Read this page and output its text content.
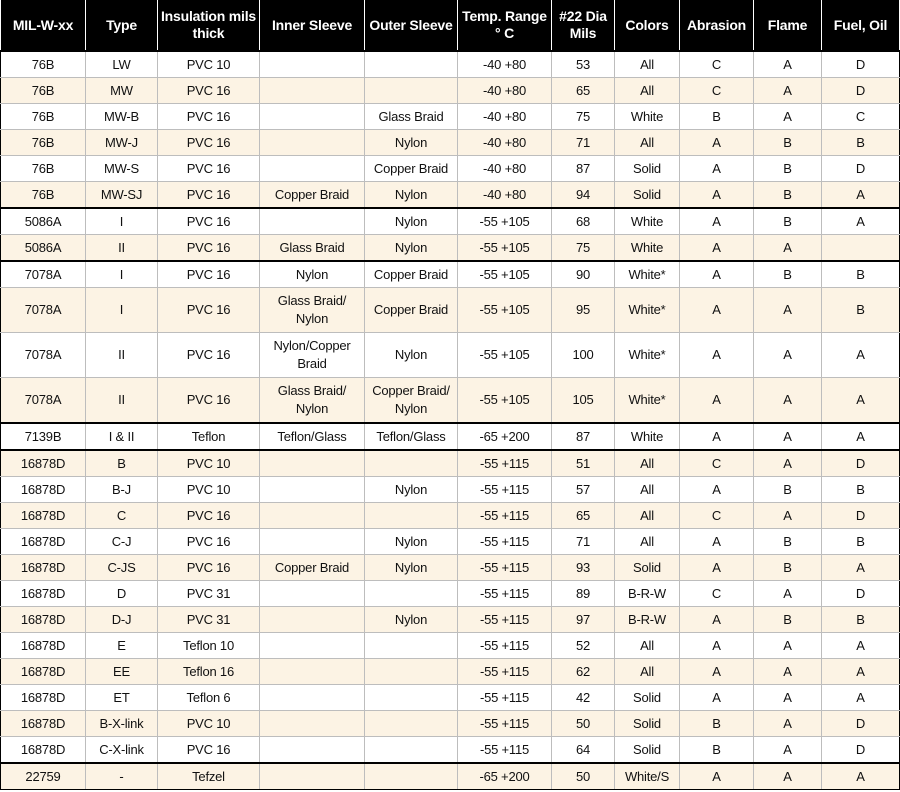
MIL-W-xx	Type	Insulation mils thick	Inner Sleeve	Outer Sleeve	Temp. Range ° C	#22 Dia Mils	Colors	Abrasion	Flame	Fuel, Oil
76B	LW	PVC 10			-40 +80	53	All	C	A	D
76B	MW	PVC 16			-40 +80	65	All	C	A	D
76B	MW-B	PVC 16		Glass Braid	-40 +80	75	White	B	A	C
76B	MW-J	PVC 16		Nylon	-40 +80	71	All	A	B	B
76B	MW-S	PVC 16		Copper Braid	-40 +80	87	Solid	A	B	D
76B	MW-SJ	PVC 16	Copper Braid	Nylon	-40 +80	94	Solid	A	B	A
5086A	I	PVC 16		Nylon	-55 +105	68	White	A	B	A
5086A	II	PVC 16	Glass Braid	Nylon	-55 +105	75	White	A	A	
7078A	I	PVC 16	Nylon	Copper Braid	-55 +105	90	White*	A	B	B
7078A	I	PVC 16	Glass Braid/ Nylon	Copper Braid	-55 +105	95	White*	A	A	B
7078A	II	PVC 16	Nylon/Copper Braid	Nylon	-55 +105	100	White*	A	A	A
7078A	II	PVC 16	Glass Braid/ Nylon	Copper Braid/ Nylon	-55 +105	105	White*	A	A	A
7139B	I & II	Teflon	Teflon/Glass	Teflon/Glass	-65 +200	87	White	A	A	A
16878D	B	PVC 10			-55 +115	51	All	C	A	D
16878D	B-J	PVC 10		Nylon	-55 +115	57	All	A	B	B
16878D	C	PVC 16			-55 +115	65	All	C	A	D
16878D	C-J	PVC 16		Nylon	-55 +115	71	All	A	B	B
16878D	C-JS	PVC 16	Copper Braid	Nylon	-55 +115	93	Solid	A	B	A
16878D	D	PVC 31			-55 +115	89	B-R-W	C	A	D
16878D	D-J	PVC 31		Nylon	-55 +115	97	B-R-W	A	B	B
16878D	E	Teflon 10			-55 +115	52	All	A	A	A
16878D	EE	Teflon 16			-55 +115	62	All	A	A	A
16878D	ET	Teflon 6			-55 +115	42	Solid	A	A	A
16878D	B-X-link	PVC 10			-55 +115	50	Solid	B	A	D
16878D	C-X-link	PVC 16			-55 +115	64	Solid	B	A	D
22759	-	Tefzel			-65 +200	50	White/S	A	A	A
